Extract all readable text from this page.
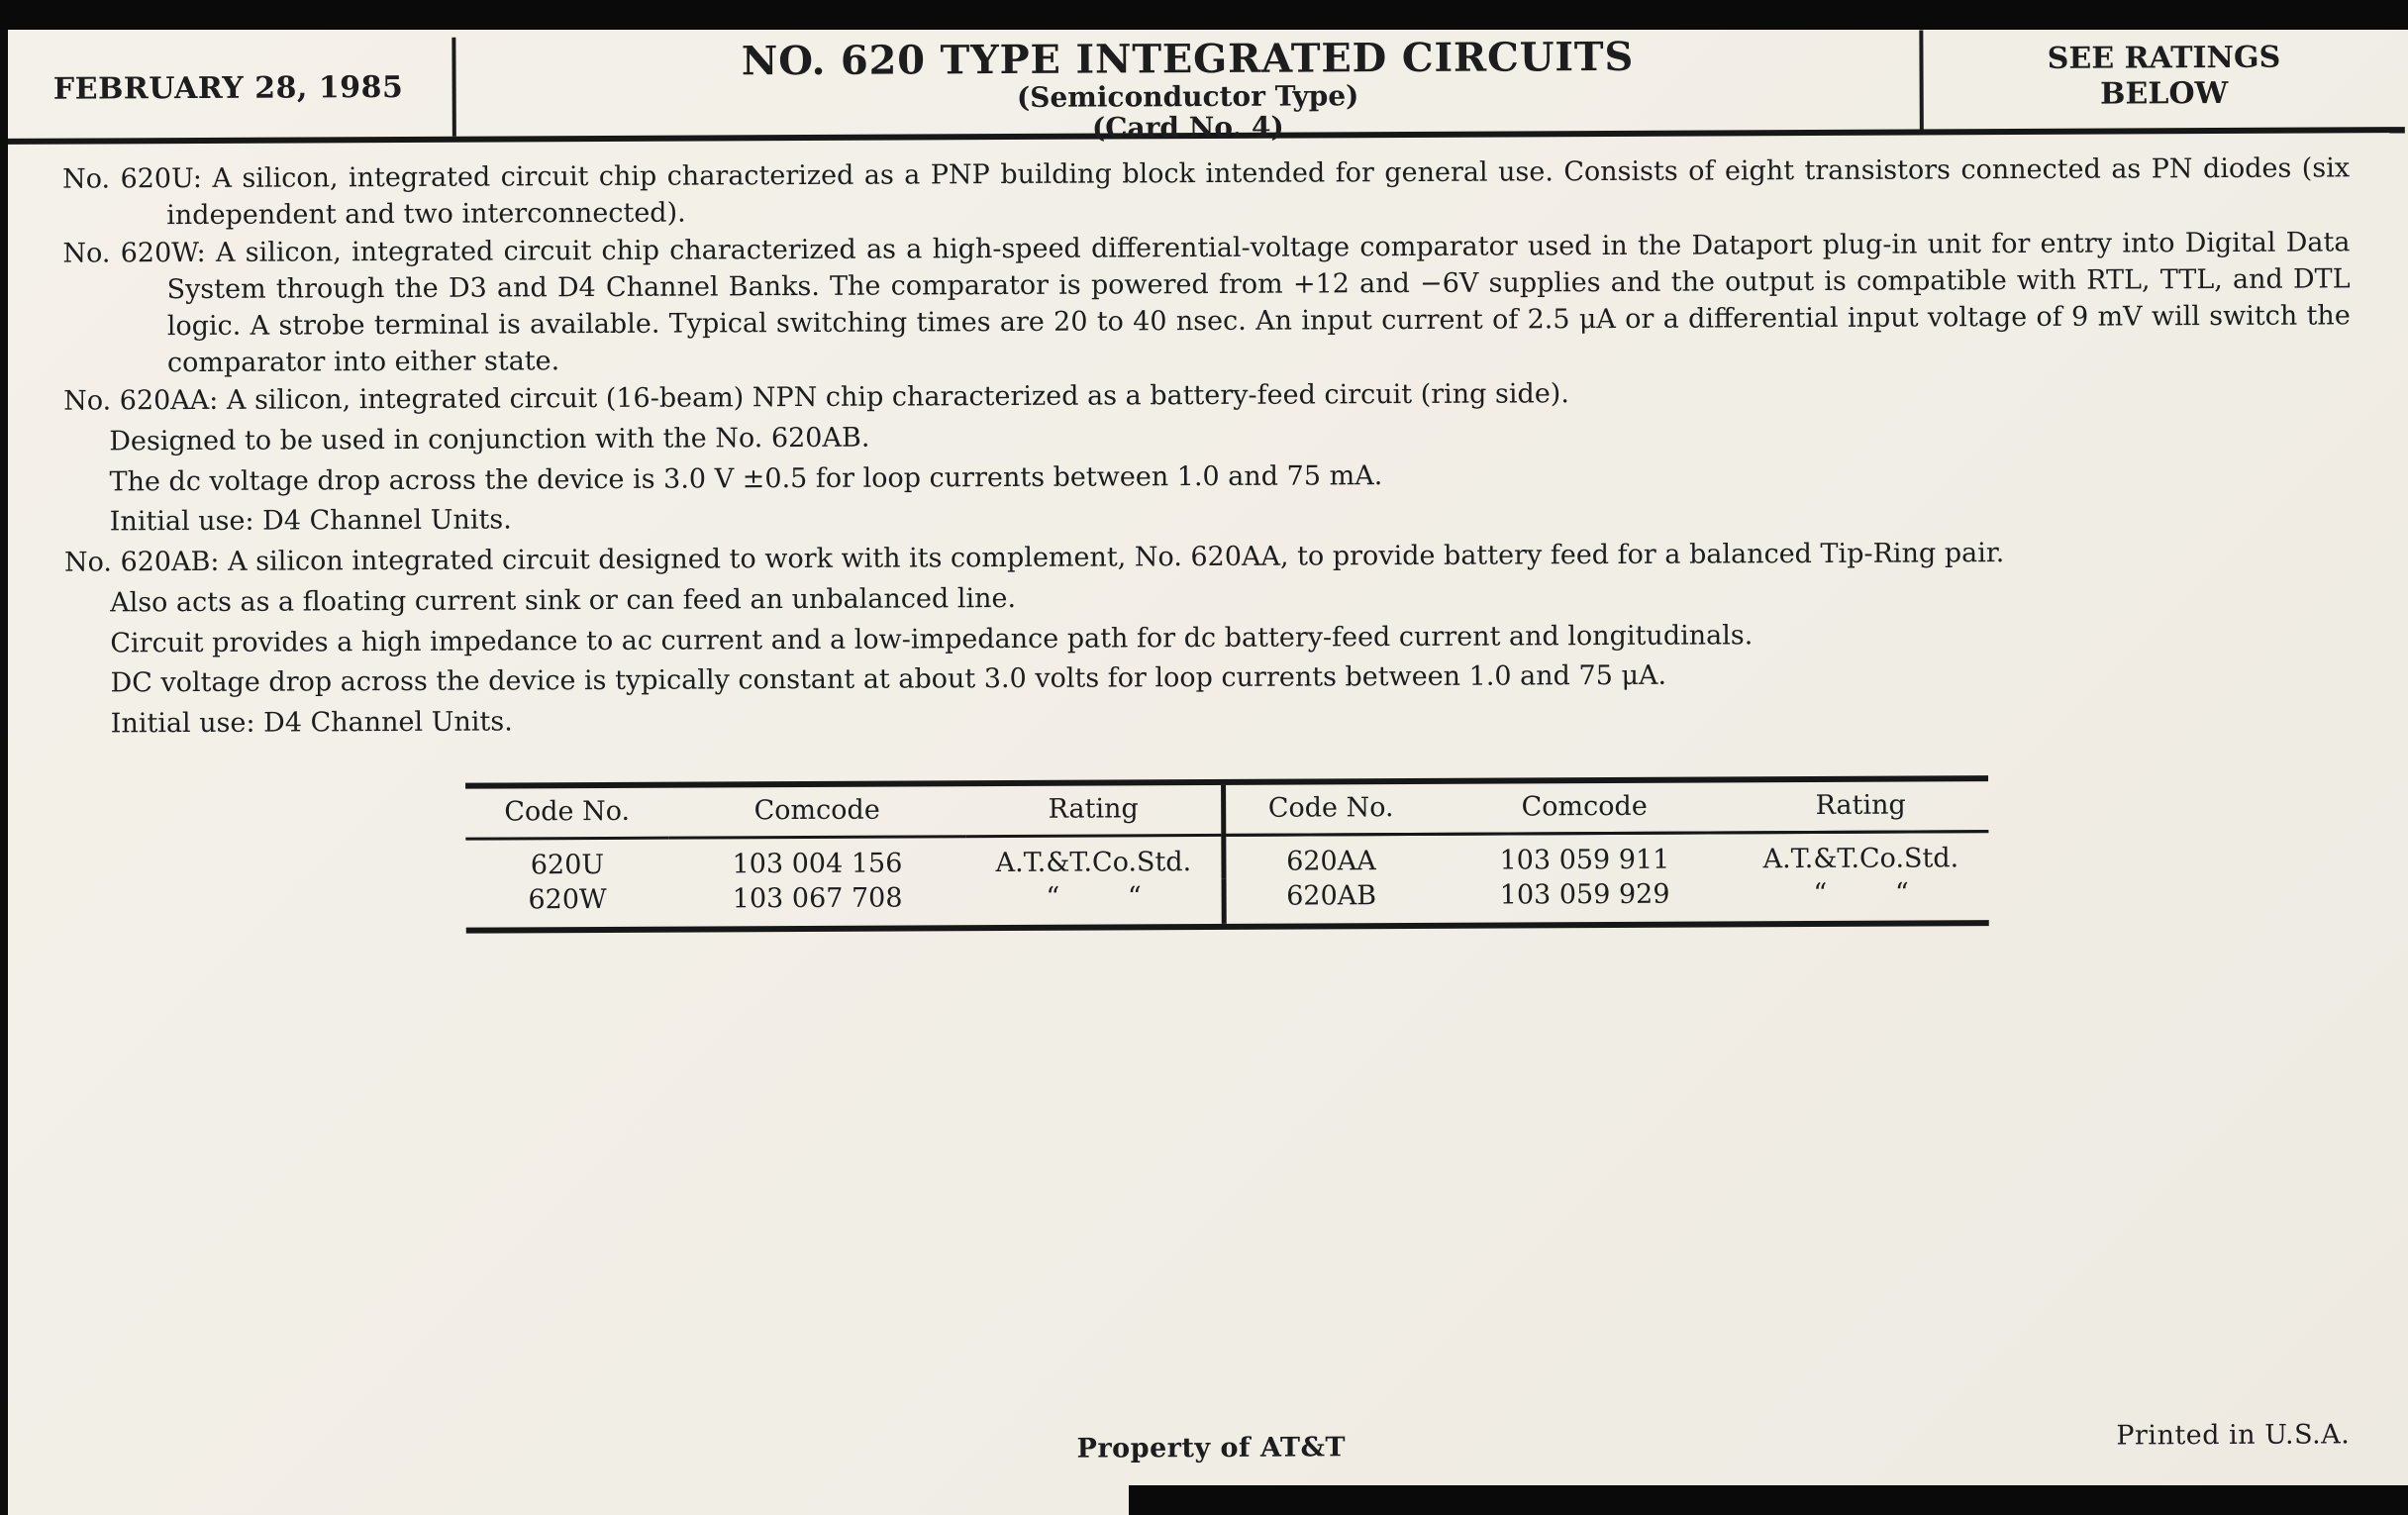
FEBRUARY 28, 1985
NO. 620 TYPE INTEGRATED CIRCUITS
(Semiconductor Type)
(Card No. 4)
SEE RATINGS
BELOW

No. 620U: A silicon, integrated circuit chip characterized as a PNP building block intended for general use. Consists of eight transistors connected as PN diodes (six independent and two interconnected).

No. 620W: A silicon, integrated circuit chip characterized as a high-speed differential-voltage comparator used in the Dataport plug-in unit for entry into Digital Data System through the D3 and D4 Channel Banks. The comparator is powered from +12 and −6V supplies and the output is compatible with RTL, TTL, and DTL logic. A strobe terminal is available. Typical switching times are 20 to 40 nsec. An input current of 2.5 μA or a differential input voltage of 9 mV will switch the comparator into either state.

No. 620AA: A silicon, integrated circuit (16-beam) NPN chip characterized as a battery-feed circuit (ring side).

Designed to be used in conjunction with the No. 620AB.

The dc voltage drop across the device is 3.0 V ±0.5 for loop currents between 1.0 and 75 mA.

Initial use: D4 Channel Units.

No. 620AB: A silicon integrated circuit designed to work with its complement, No. 620AA, to provide battery feed for a balanced Tip-Ring pair.

Also acts as a floating current sink or can feed an unbalanced line.

Circuit provides a high impedance to ac current and a low-impedance path for dc battery-feed current and longitudinals.

DC voltage drop across the device is typically constant at about 3.0 volts for loop currents between 1.0 and 75 μA.

Initial use: D4 Channel Units.

Code No.	Comcode	Rating
620U	103 004 156	A.T.&T.Co.Std.
620W	103 067 708	“        “
Code No.	Comcode	Rating
620AA	103 059 911	A.T.&T.Co.Std.
620AB	103 059 929	“        “
Property of AT&T	Printed in U.S.A.
